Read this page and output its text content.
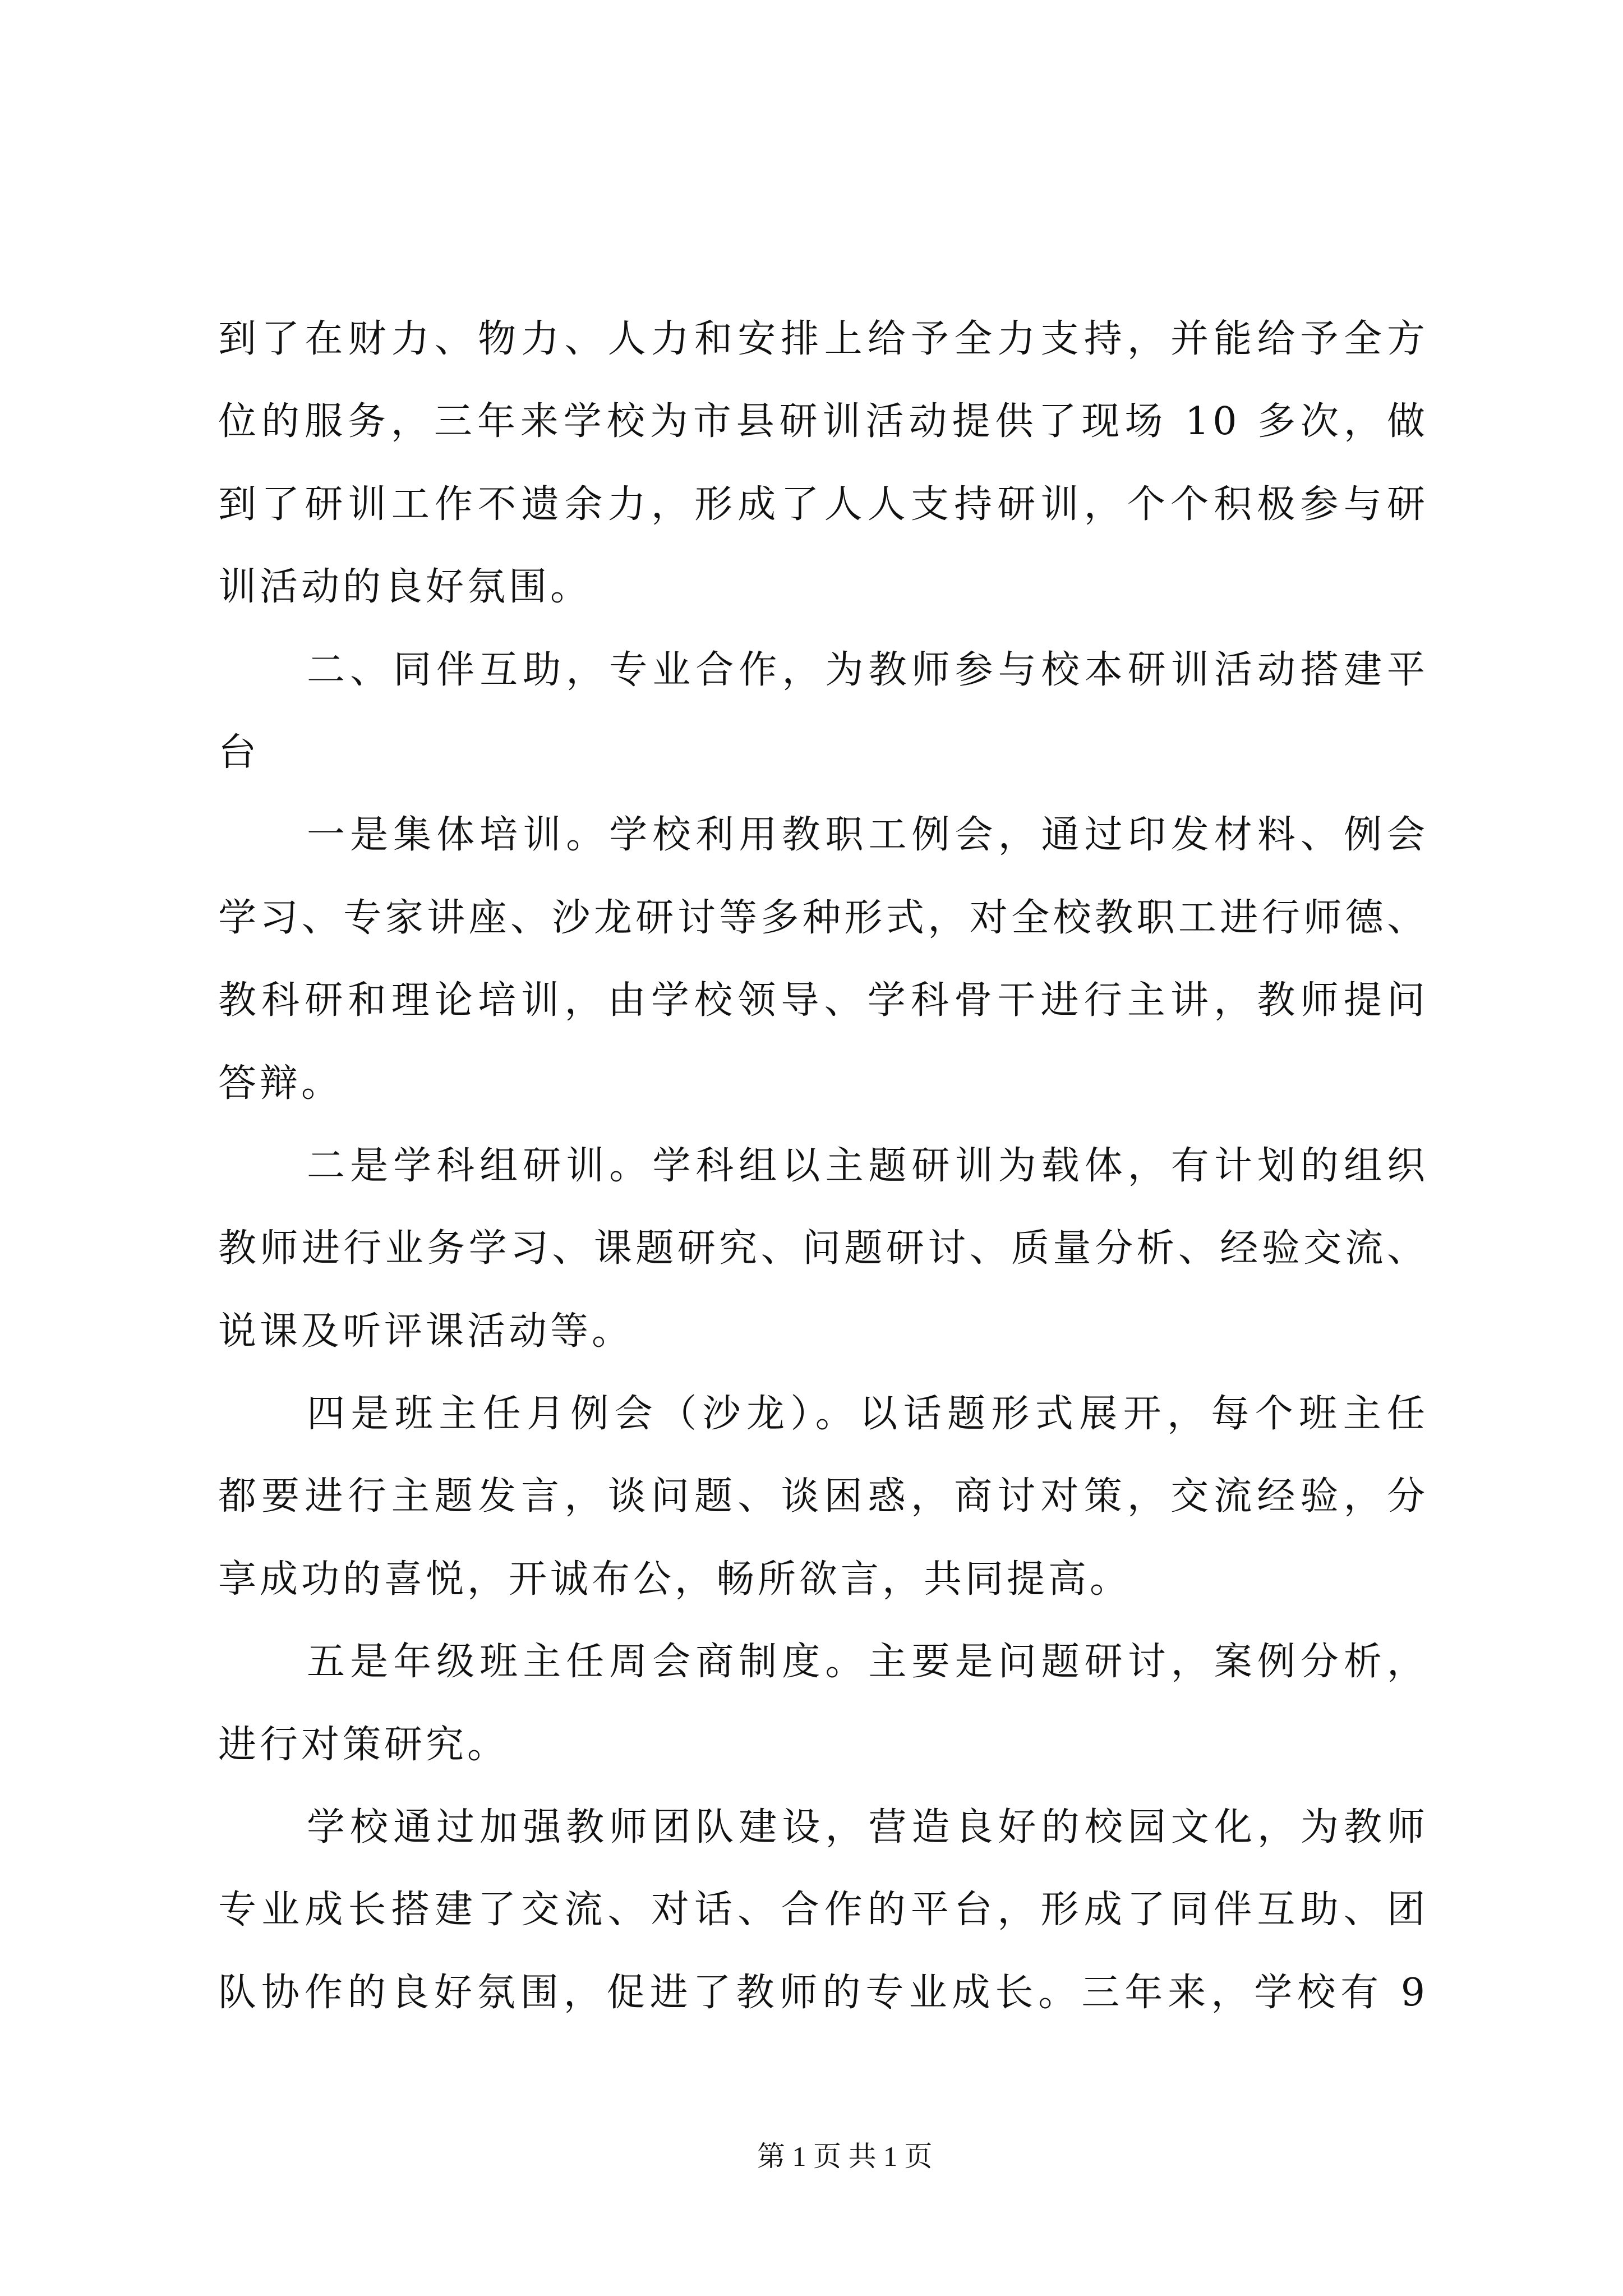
到了在财力、物力、人力和安排上给予全力支持，并能给予全方
位的服务，三年来学校为市县研训活动提供了现场 10 多次，做
到了研训工作不遗余力，形成了人人支持研训，个个积极参与研
训活动的良好氛围。
二、同伴互助，专业合作，为教师参与校本研训活动搭建平
台
一是集体培训。学校利用教职工例会，通过印发材料、例会
学习、专家讲座、沙龙研讨等多种形式，对全校教职工进行师德、
教科研和理论培训，由学校领导、学科骨干进行主讲，教师提问
答辩。
二是学科组研训。学科组以主题研训为载体，有计划的组织
教师进行业务学习、课题研究、问题研讨、质量分析、经验交流、
说课及听评课活动等。
四是班主任月例会（沙龙）。以话题形式展开，每个班主任
都要进行主题发言，谈问题、谈困惑，商讨对策，交流经验，分
享成功的喜悦，开诚布公，畅所欲言，共同提高。
五是年级班主任周会商制度。主要是问题研讨，案例分析，
进行对策研究。
学校通过加强教师团队建设，营造良好的校园文化，为教师
专业成长搭建了交流、对话、合作的平台，形成了同伴互助、团
队协作的良好氛围，促进了教师的专业成长。三年来，学校有 9
第 1 页 共 1 页
